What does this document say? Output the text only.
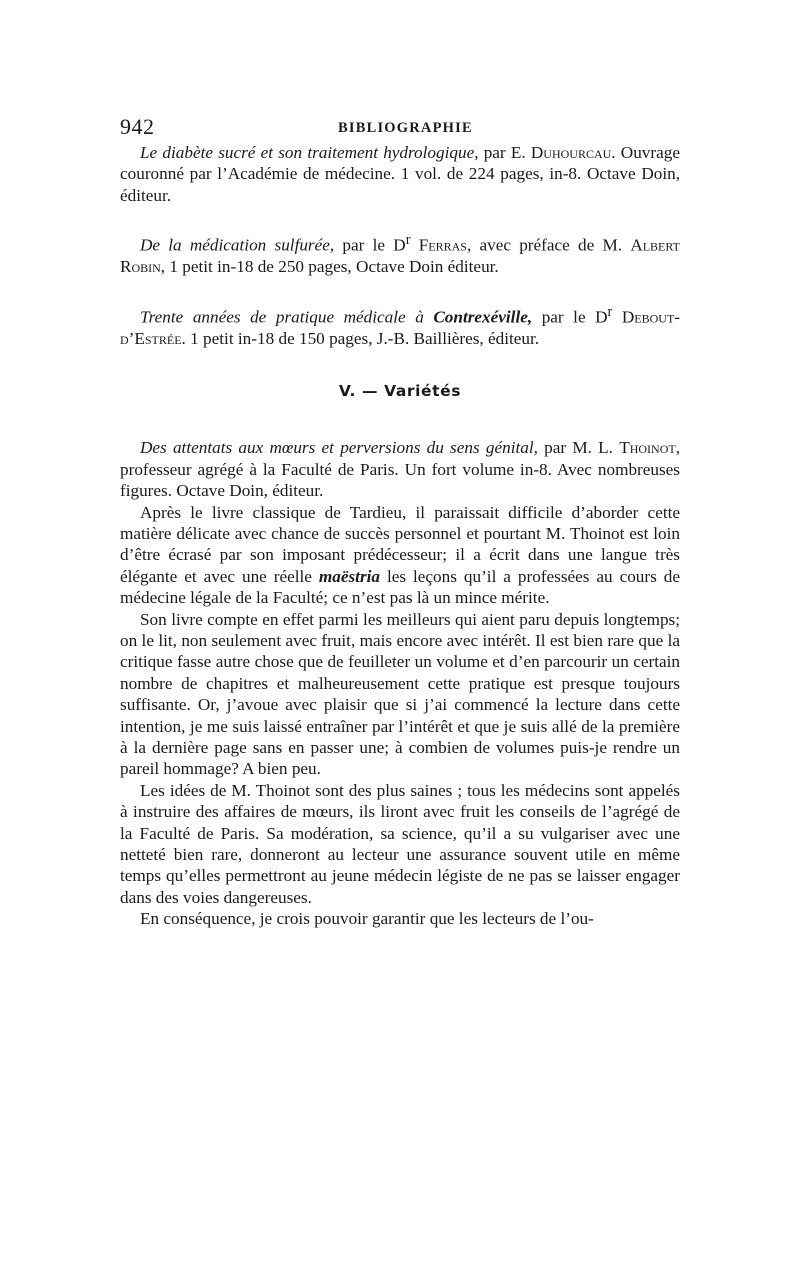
942	BIBLIOGRAPHIE
Le diabète sucré et son traitement hydrologique, par E. Duhourcau. Ouvrage couronné par l’Académie de médecine. 1 vol. de 224 pages, in-8. Octave Doin, éditeur.
De la médication sulfurée, par le $D^r$ Ferras, avec préface de M. Albert Robin, 1 petit in-18 de 250 pages, Octave Doin éditeur.
Trente années de pratique médicale à Contrexéville, par le $D^r$ Debout-d’Estrée. 1 petit in-18 de 150 pages, J.-B. Baillières, éditeur.
V. — Variétés

Des attentats aux mœurs et perversions du sens génital, par M. L. Thoinot, professeur agrégé à la Faculté de Paris. Un fort volume in-8. Avec nombreuses figures. Octave Doin, éditeur.

Après le livre classique de Tardieu, il paraissait difficile d’aborder cette matière délicate avec chance de succès personnel et pourtant M. Thoinot est loin d’être écrasé par son imposant prédécesseur; il a écrit dans une langue très élégante et avec une réelle maëstria les leçons qu’il a professées au cours de médecine légale de la Faculté; ce n’est pas là un mince mérite.

Son livre compte en effet parmi les meilleurs qui aient paru depuis longtemps; on le lit, non seulement avec fruit, mais encore avec intérêt. Il est bien rare que la critique fasse autre chose que de feuilleter un volume et d’en parcourir un certain nombre de chapitres et malheureusement cette pratique est presque toujours suffisante. Or, j’avoue avec plaisir que si j’ai commencé la lecture dans cette intention, je me suis laissé entraîner par l’intérêt et que je suis allé de la première à la dernière page sans en passer une; à combien de volumes puis-je rendre un pareil hommage? A bien peu.

Les idées de M. Thoinot sont des plus saines ; tous les médecins sont appelés à instruire des affaires de mœurs, ils liront avec fruit les conseils de l’agrégé de la Faculté de Paris. Sa modération, sa science, qu’il a su vulgariser avec une netteté bien rare, donneront au lecteur une assurance souvent utile en même temps qu’elles permettront au jeune médecin légiste de ne pas se laisser engager dans des voies dangereuses.

En conséquence, je crois pouvoir garantir que les lecteurs de l’ou-
